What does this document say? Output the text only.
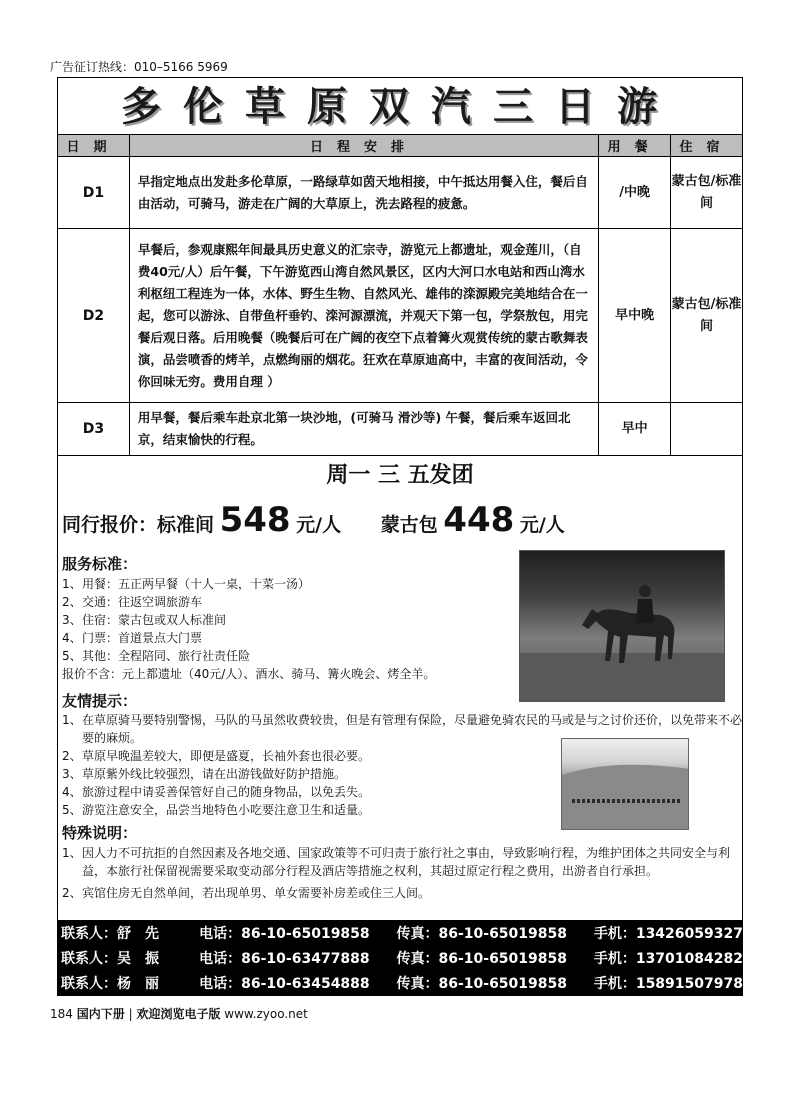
广告征订热线：010–5166 5969
多伦草原双汽三日游
日期	日程安排	用餐	住宿
D1	早指定地点出发赴多伦草原，一路绿草如茵天地相接，中午抵达用餐入住，餐后自由活动，可骑马，游走在广阔的大草原上，洗去路程的疲惫。	/中晚	蒙古包/标准间
D2	早餐后，参观康熙年间最具历史意义的汇宗寺，游览元上都遗址，观金莲川，（自费40元/人）后午餐，下午游览西山湾自然风景区，区内大河口水电站和西山湾水利枢纽工程连为一体，水体、野生生物、自然风光、雄伟的滦源殿完美地结合在一起，您可以游泳、自带鱼杆垂钓、滦河源漂流，并观天下第一包，学祭敖包，用完餐后观日落。后用晚餐（晚餐后可在广阔的夜空下点着篝火观赏传统的蒙古歌舞表演，品尝喷香的烤羊，点燃绚丽的烟花。狂欢在草原迪高中，丰富的夜间活动，令你回味无穷。费用自理 ）	早中晚	蒙古包/标准间
D3	用早餐，餐后乘车赴京北第一块沙地，(可骑马 滑沙等) 午餐，餐后乘车返回北京，结束愉快的行程。	早中	
周一 三 五发团
同行报价：标准间 548 元/人 蒙古包 448 元/人
服务标准：
1、 用餐：五正两早餐（十人一桌，十菜一汤）
2、 交通：往返空调旅游车
3、 住宿：蒙古包或双人标准间
4、 门票：首道景点大门票
5、 其他：全程陪同、旅行社责任险
报价不含：元上都遗址（40元/人）、酒水、骑马、篝火晚会、烤全羊。
友情提示：
1、 在草原骑马要特别警惕，马队的马虽然收费较贵，但是有管理有保险，尽量避免骑农民的马或是与之讨价还价，以免带来不必要的麻烦。
2、 草原早晚温差较大，即便是盛夏，长袖外套也很必要。
3、 草原紫外线比较强烈，请在出游钱做好防护措施。
4、 旅游过程中请妥善保管好自己的随身物品，以免丢失。
5、 游览注意安全，品尝当地特色小吃要注意卫生和适量。
特殊说明：
1、 因人力不可抗拒的自然因素及各地交通、国家政策等不可归责于旅行社之事由，导致影响行程，为维护团体之共同安全与利益，本旅行社保留视需要采取变动部分行程及酒店等措施之权利，其超过原定行程之费用，出游者自行承担。
2、 宾馆住房无自然单间，若出现单男、单女需要补房差或住三人间。
联系人：舒　先	电话：86-10-65019858	传真：86-10-65019858	手机：13426059327
联系人：吴　振	电话：86-10-63477888	传真：86-10-65019858	手机：13701084282
联系人：杨　丽	电话：86-10-63454888	传真：86-10-65019858	手机：15891507978
184 国内下册 | 欢迎浏览电子版 www.zyoo.net
